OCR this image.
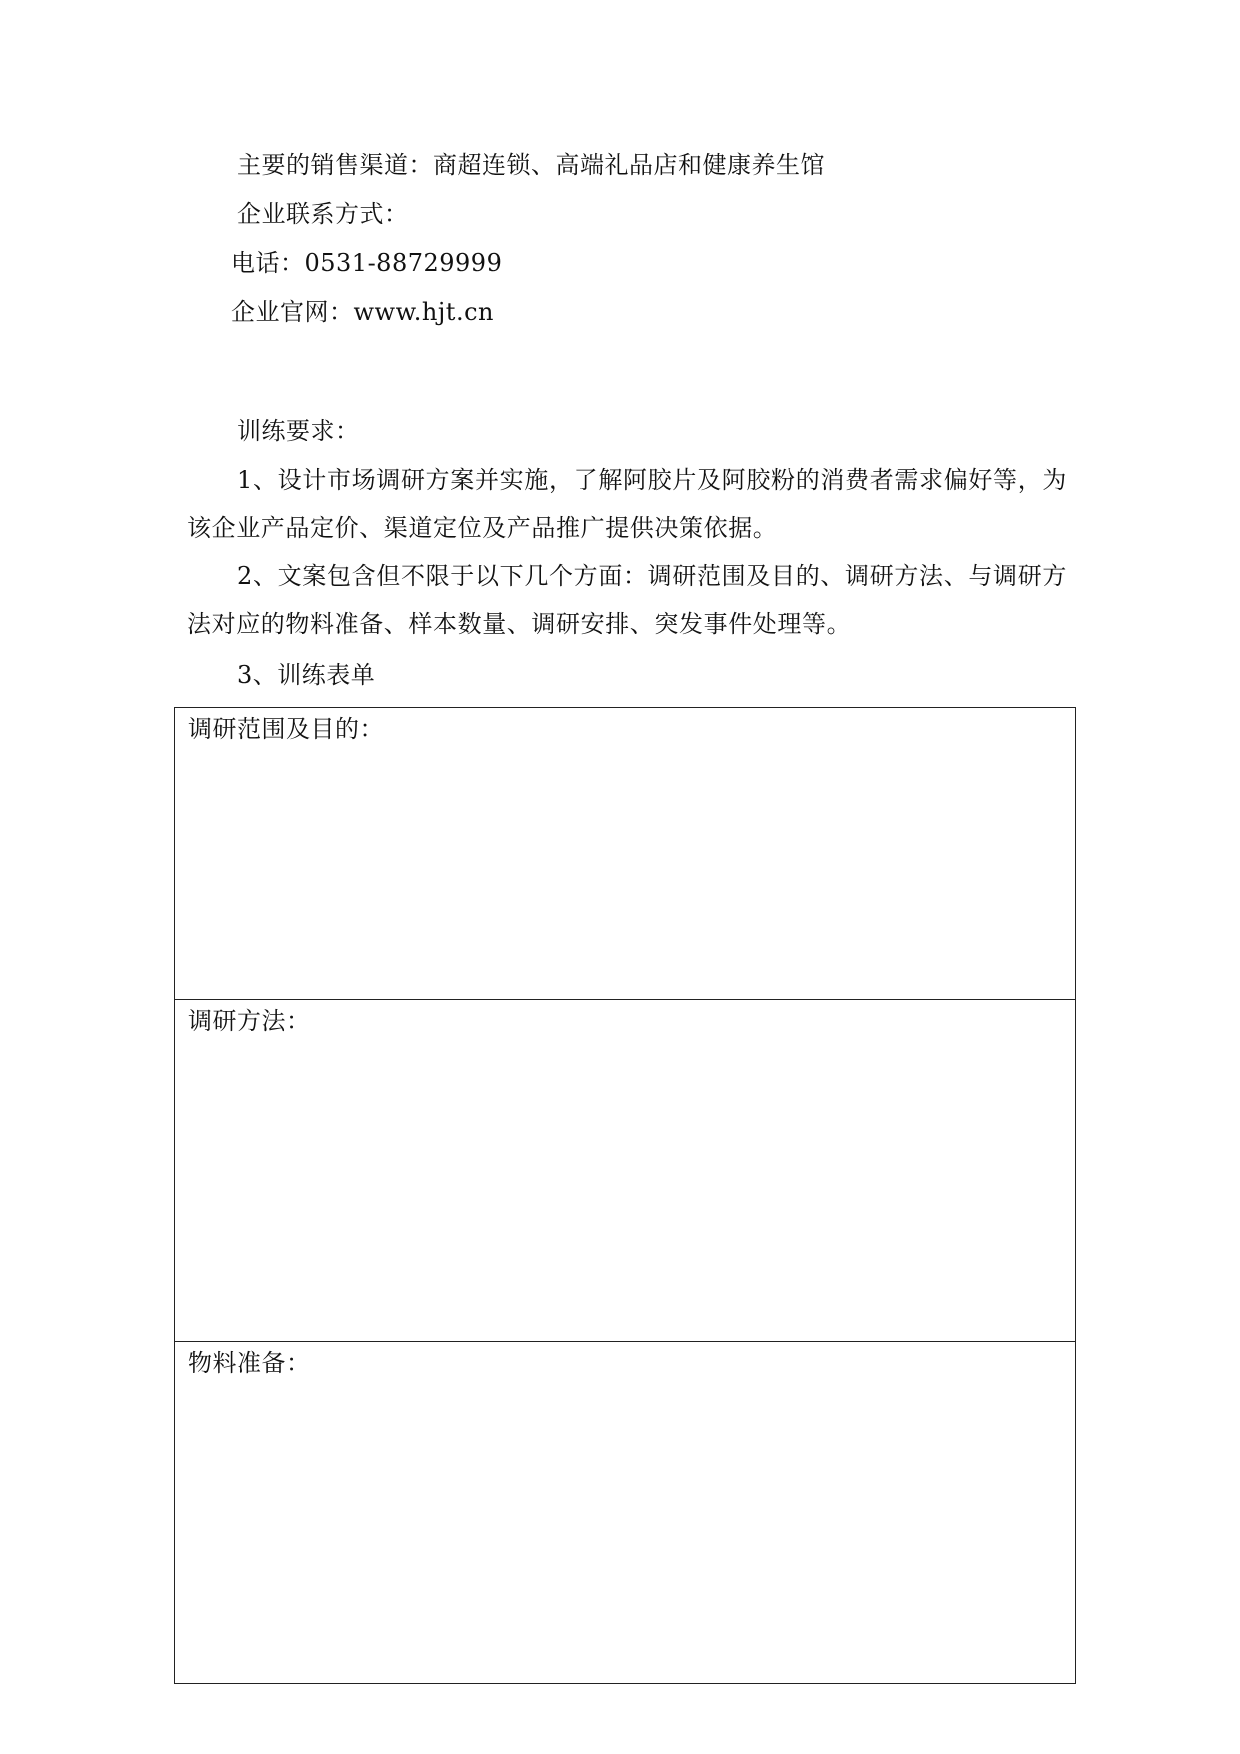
主要的销售渠道：商超连锁、高端礼品店和健康养生馆
企业联系方式：
电话：0531-88729999
企业官网：www.hjt.cn
训练要求：
1、设计市场调研方案并实施，了解阿胶片及阿胶粉的消费者需求偏好等，为该企业产品定价、渠道定位及产品推广提供决策依据。
2、文案包含但不限于以下几个方面：调研范围及目的、调研方法、与调研方法对应的物料准备、样本数量、调研安排、突发事件处理等。
3、训练表单
调研范围及目的：
调研方法：
物料准备：
